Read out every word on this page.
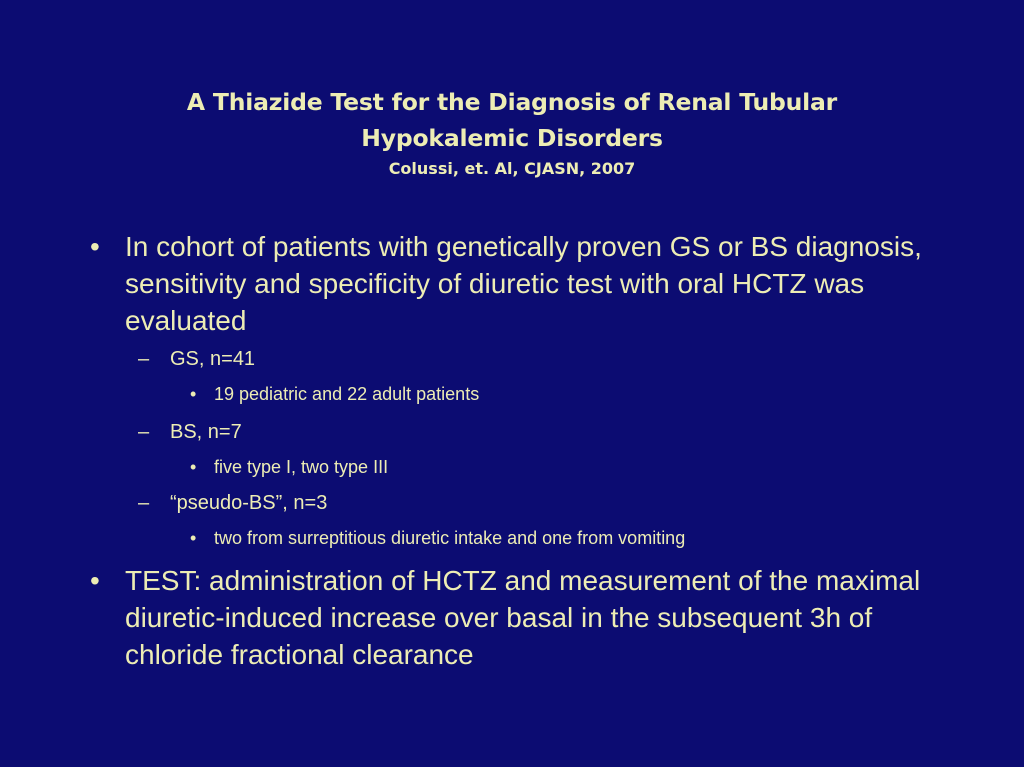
A Thiazide Test for the Diagnosis of Renal Tubular
Hypokalemic Disorders
Colussi, et. Al, CJASN, 2007
• In cohort of patients with genetically proven GS or BS diagnosis, sensitivity and specificity of diuretic test with oral HCTZ was evaluated
– GS, n=41
• 19 pediatric and 22 adult patients
– BS, n=7
• five type I, two type III
– “pseudo-BS”, n=3
• two from surreptitious diuretic intake and one from vomiting
• TEST: administration of HCTZ and measurement of the maximal diuretic-induced increase over basal in the subsequent 3h of chloride fractional clearance
